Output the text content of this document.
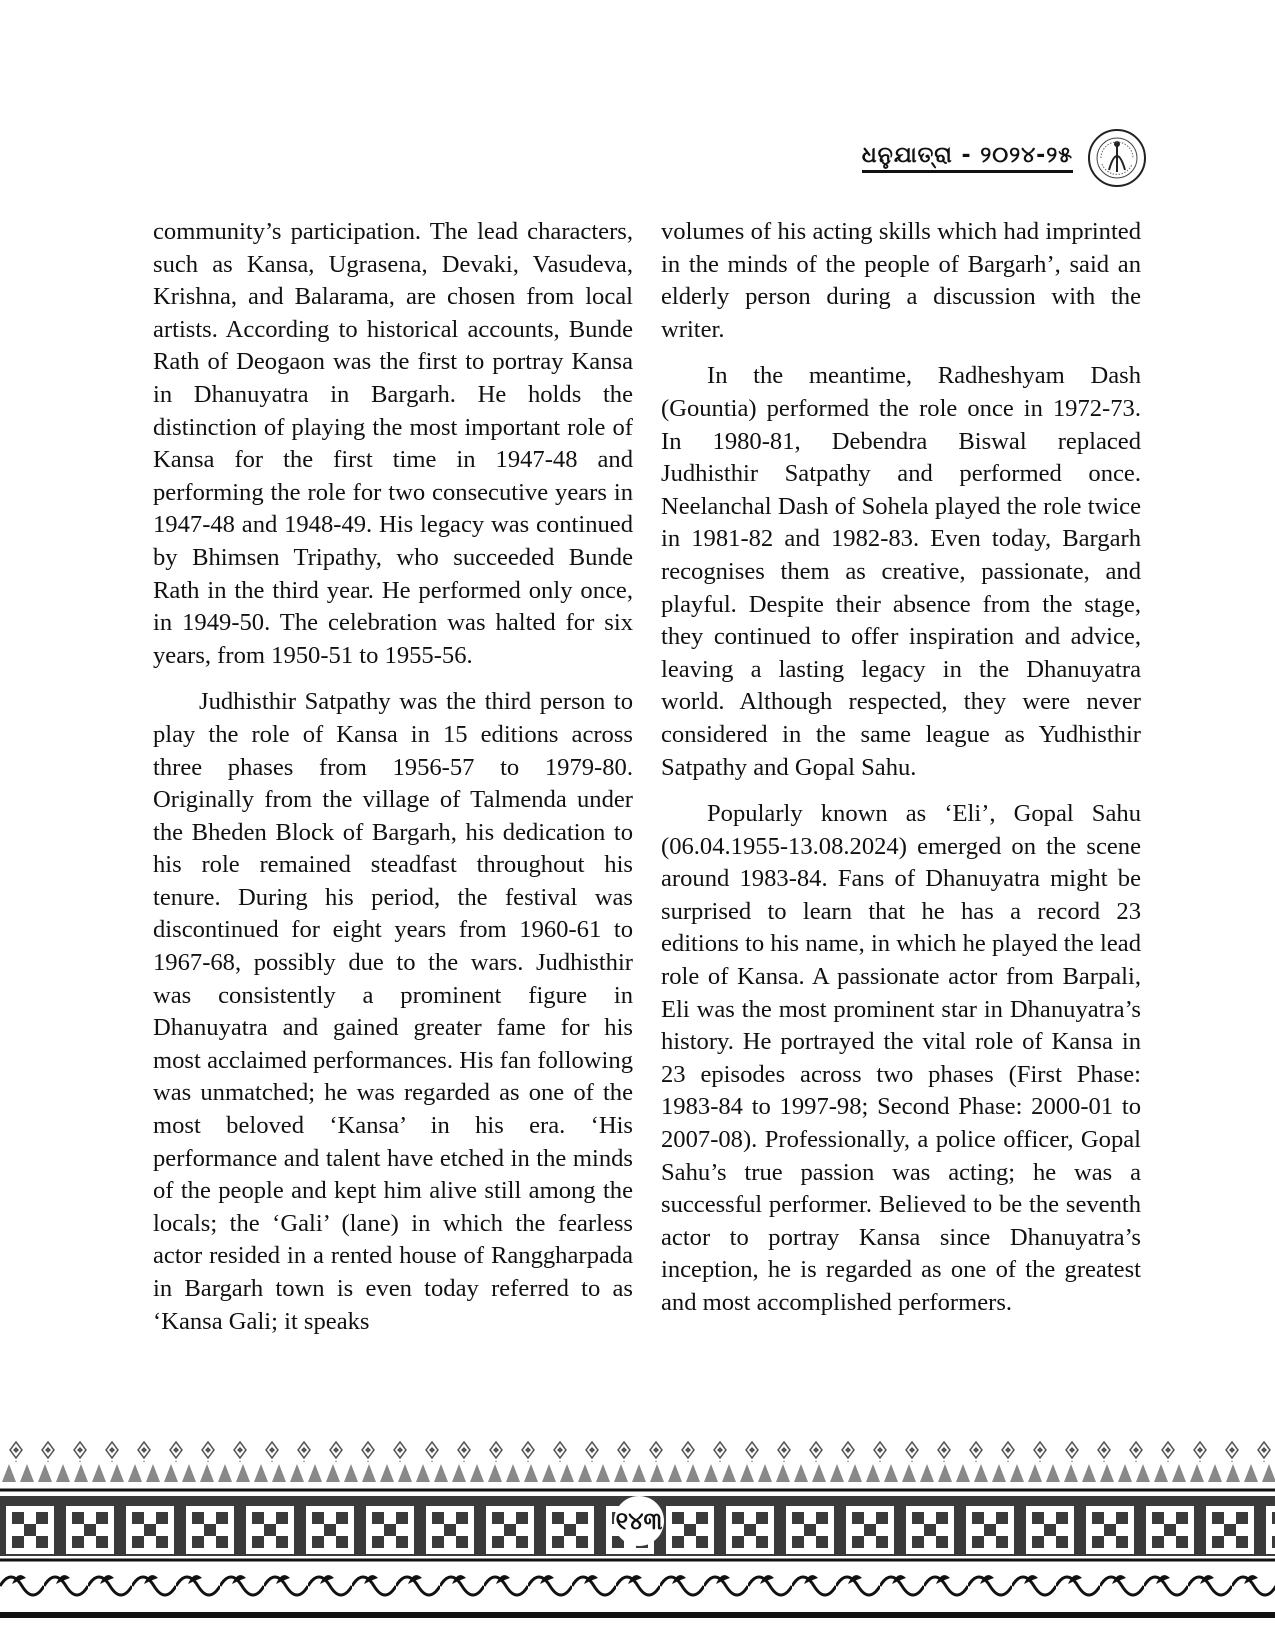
ଧନୁଯାତ୍ରା - ୨୦୨୪-୨୫

community’s participation. The lead characters, such as Kansa, Ugrasena, Devaki, Vasudeva, Krishna, and Balarama, are chosen from local artists. According to historical accounts, Bunde Rath of Deogaon was the first to portray Kansa in Dhanuyatra in Bargarh. He holds the distinction of playing the most important role of Kansa for the first time in 1947-48 and performing the role for two consecutive years in 1947-48 and 1948-49. His legacy was continued by Bhimsen Tripathy, who succeeded Bunde Rath in the third year. He performed only once, in 1949-50. The celebration was halted for six years, from 1950-51 to 1955-56.

Judhisthir Satpathy was the third person to play the role of Kansa in 15 editions across three phases from 1956-57 to 1979-80. Originally from the village of Talmenda under the Bheden Block of Bargarh, his dedication to his role remained steadfast throughout his tenure. During his period, the festival was discontinued for eight years from 1960-61 to 1967-68, possibly due to the wars. Judhisthir was consistently a prominent figure in Dhanuyatra and gained greater fame for his most acclaimed performances. His fan following was unmatched; he was regarded as one of the most beloved ‘Kansa’ in his era. ‘His performance and talent have etched in the minds of the people and kept him alive still among the locals; the ‘Gali’ (lane) in which the fearless actor resided in a rented house of Ranggharpada in Bargarh town is even today referred to as ‘Kansa Gali; it speaks

volumes of his acting skills which had imprinted in the minds of the people of Bargarh’, said an elderly person during a discussion with the writer.

In the meantime, Radheshyam Dash (Gountia) performed the role once in 1972-73. In 1980-81, Debendra Biswal replaced Judhisthir Satpathy and performed once. Neelanchal Dash of Sohela played the role twice in 1981-82 and 1982-83. Even today, Bargarh recognises them as creative, passionate, and playful. Despite their absence from the stage, they continued to offer inspiration and advice, leaving a lasting legacy in the Dhanuyatra world. Although respected, they were never considered in the same league as Yudhisthir Satpathy and Gopal Sahu.

Popularly known as ‘Eli’, Gopal Sahu (06.04.1955-13.08.2024) emerged on the scene around 1983-84. Fans of Dhanuyatra might be surprised to learn that he has a record 23 editions to his name, in which he played the lead role of Kansa. A passionate actor from Barpali, Eli was the most prominent star in Dhanuyatra’s history. He portrayed the vital role of Kansa in 23 episodes across two phases (First Phase: 1983-84 to 1997-98; Second Phase: 2000-01 to 2007-08). Professionally, a police officer, Gopal Sahu’s true passion was acting; he was a successful performer. Believed to be the seventh actor to portray Kansa since Dhanuyatra’s inception, he is regarded as one of the greatest and most accomplished performers.

୧୪୩
